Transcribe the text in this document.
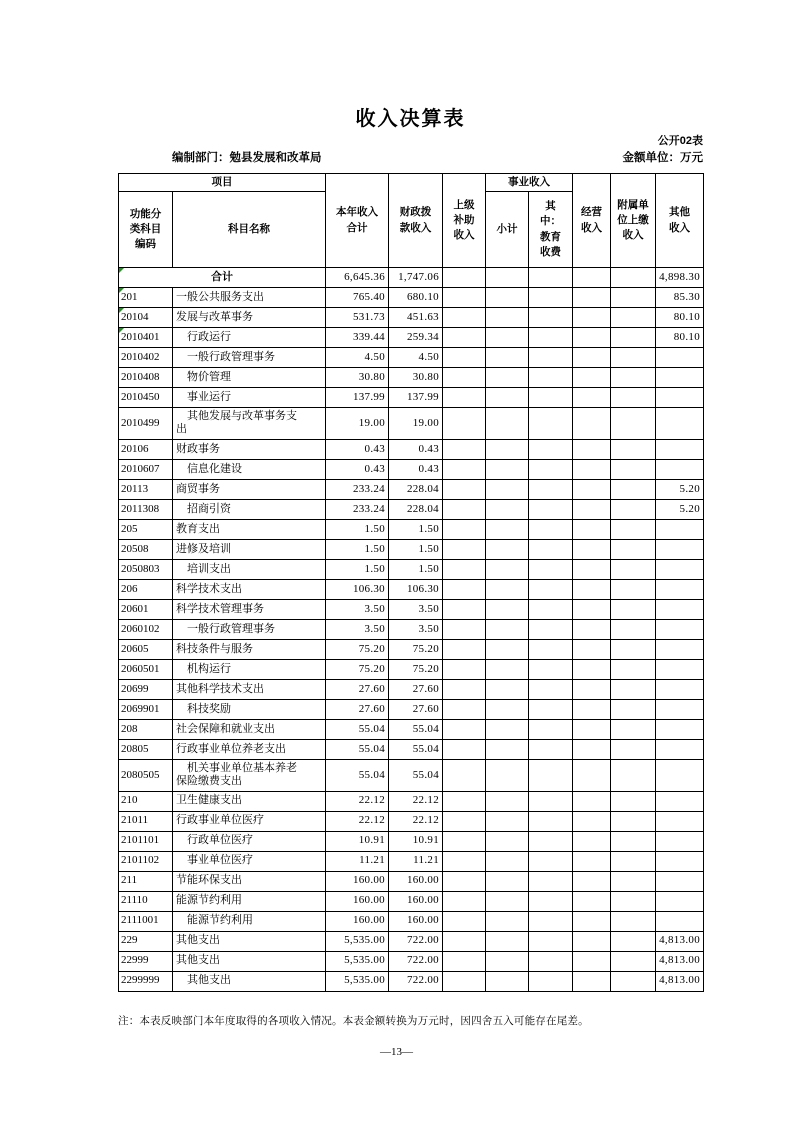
收入决算表
公开02表
编制部门：勉县发展和改革局	金额单位：万元
项目		本年收入合计	财政拨款收入	上级补助收入	事业收入		经营收入	附属单位上缴收入	其他收入
功能分类科目编码	科目名称				小计	其中：教育收费			
合计		6,645.36	1,747.06						4,898.30
201	一般公共服务支出	765.40	680.10						85.30
20104	发展与改革事务	531.73	451.63						80.10
2010401	行政运行	339.44	259.34						80.10
2010402	一般行政管理事务	4.50	4.50						
2010408	物价管理	30.80	30.80						
2010450	事业运行	137.99	137.99						
2010499	其他发展与改革事务支出	19.00	19.00						
20106	财政事务	0.43	0.43						
2010607	信息化建设	0.43	0.43						
20113	商贸事务	233.24	228.04						5.20
2011308	招商引资	233.24	228.04						5.20
205	教育支出	1.50	1.50						
20508	进修及培训	1.50	1.50						
2050803	培训支出	1.50	1.50						
206	科学技术支出	106.30	106.30						
20601	科学技术管理事务	3.50	3.50						
2060102	一般行政管理事务	3.50	3.50						
20605	科技条件与服务	75.20	75.20						
2060501	机构运行	75.20	75.20						
20699	其他科学技术支出	27.60	27.60						
2069901	科技奖励	27.60	27.60						
208	社会保障和就业支出	55.04	55.04						
20805	行政事业单位养老支出	55.04	55.04						
2080505	机关事业单位基本养老保险缴费支出	55.04	55.04						
210	卫生健康支出	22.12	22.12						
21011	行政事业单位医疗	22.12	22.12						
2101101	行政单位医疗	10.91	10.91						
2101102	事业单位医疗	11.21	11.21						
211	节能环保支出	160.00	160.00						
21110	能源节约利用	160.00	160.00						
2111001	能源节约利用	160.00	160.00						
229	其他支出	5,535.00	722.00						4,813.00
22999	其他支出	5,535.00	722.00						4,813.00
2299999	其他支出	5,535.00	722.00						4,813.00
注：本表反映部门本年度取得的各项收入情况。本表金额转换为万元时，因四舍五入可能存在尾差。
—13—
